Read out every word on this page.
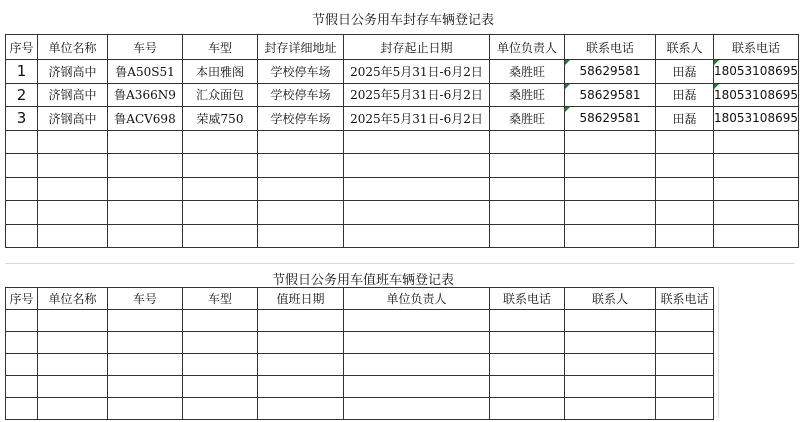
节假日公务用车封存车辆登记表
序号	单位名称	车号	车型	封存详细地址	封存起止日期	单位负责人	联系电话	联系人	联系电话
1	济钢高中	鲁A50S51	本田雅阁	学校停车场	2025年5月31日-6月2日	桑胜旺	58629581	田磊	18053108695
2	济钢高中	鲁A366N9	汇众面包	学校停车场	2025年5月31日-6月2日	桑胜旺	58629581	田磊	18053108695
3	济钢高中	鲁ACV698	荣威750	学校停车场	2025年5月31日-6月2日	桑胜旺	58629581	田磊	18053108695

节假日公务用车值班车辆登记表
序号	单位名称	车号	车型	值班日期	单位负责人	联系电话	联系人	联系电话
